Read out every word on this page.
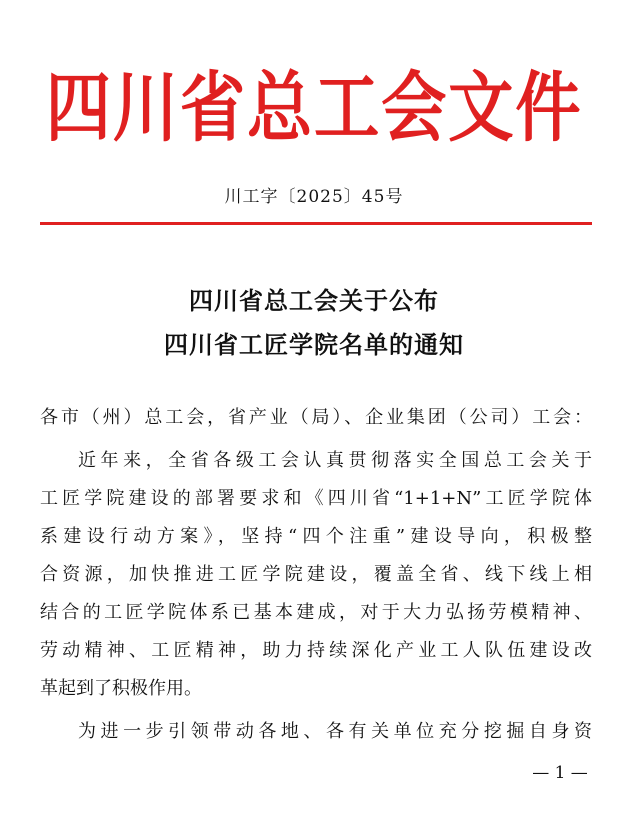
四川省总工会文件
川工字〔2025〕45号
四川省总工会关于公布
四川省工匠学院名单的通知
各市（州）总工会，省产业（局）、企业集团（公司）工会：
近年来，全省各级工会认真贯彻落实全国总工会关于
工匠学院建设的部署要求和《四川省“1+1+N”工匠学院体
系建设行动方案》，坚持“四个注重”建设导向，积极整
合资源，加快推进工匠学院建设，覆盖全省、线下线上相
结合的工匠学院体系已基本建成，对于大力弘扬劳模精神、
劳动精神、工匠精神，助力持续深化产业工人队伍建设改
革起到了积极作用。
为进一步引领带动各地、各有关单位充分挖掘自身资
— 1 —
